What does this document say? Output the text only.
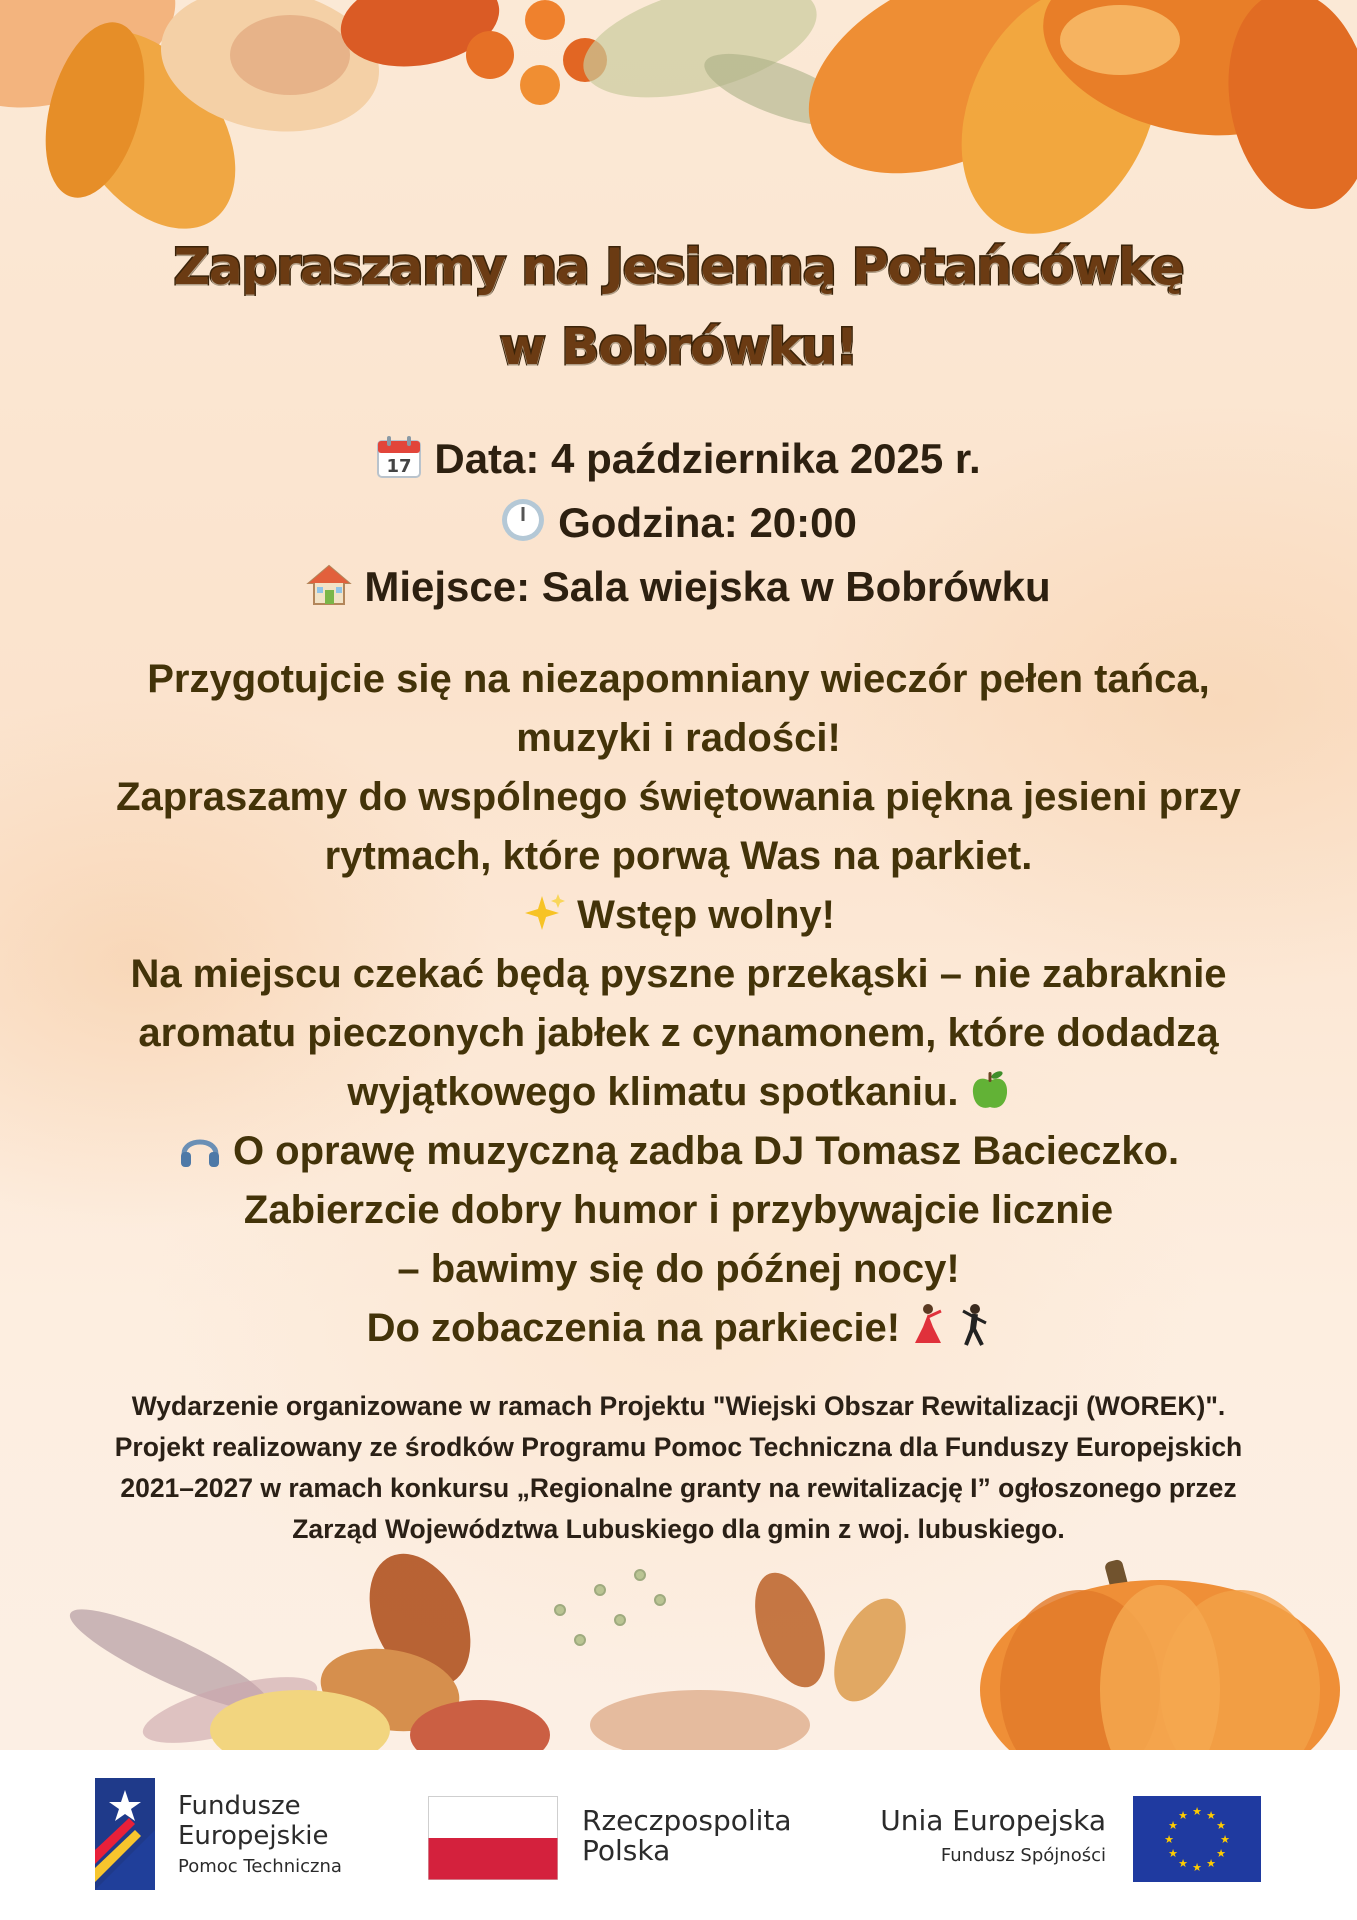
Zapraszamy na Jesienną Potańcówkę
w Bobrówku!
17 Data: 4 października 2025 r.
Godzina: 20:00
Miejsce: Sala wiejska w Bobrówku
Przygotujcie się na niezapomniany wieczór pełen tańca,
muzyki i radości!
Zapraszamy do wspólnego świętowania piękna jesieni przy
rytmach, które porwą Was na parkiet.
Wstęp wolny!
Na miejscu czekać będą pyszne przekąski – nie zabraknie
aromatu pieczonych jabłek z cynamonem, które dodadzą
wyjątkowego klimatu spotkaniu.
O oprawę muzyczną zadba DJ Tomasz Bacieczko.
Zabierzcie dobry humor i przybywajcie licznie
– bawimy się do późnej nocy!
Do zobaczenia na parkiecie!
Wydarzenie organizowane w ramach Projektu "Wiejski Obszar Rewitalizacji (WOREK)".
Projekt realizowany ze środków Programu Pomoc Techniczna dla Funduszy Europejskich
2021–2027 w ramach konkursu „Regionalne granty na rewitalizację I” ogłoszonego przez
Zarząd Województwa Lubuskiego dla gmin z woj. lubuskiego.
Fundusze
Europejskie
Pomoc Techniczna
Rzeczpospolita
Polska
Unia Europejska
Fundusz Spójności
★ ★
★
★
★
★
★
★
★
★
★
★
